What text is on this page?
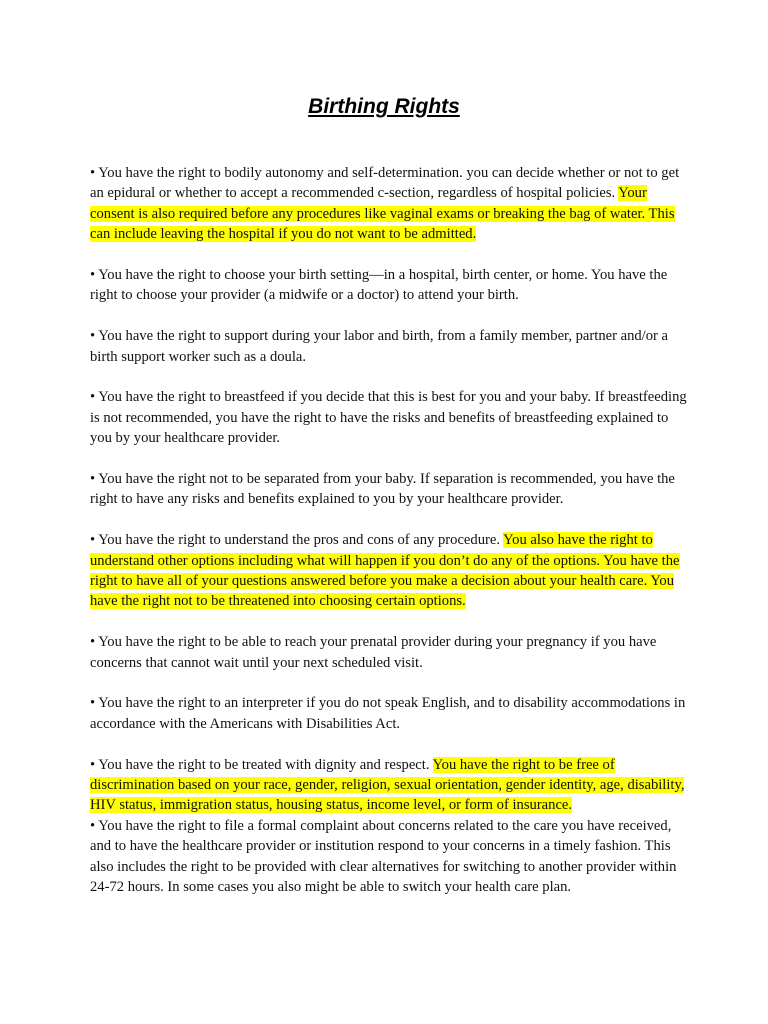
Birthing Rights

• You have the right to bodily autonomy and self-determination. you can decide whether or not to get an epidural or whether to accept a recommended c-section, regardless of hospital policies. Your consent is also required before any procedures like vaginal exams or breaking the bag of water. This can include leaving the hospital if you do not want to be admitted.

• You have the right to choose your birth setting—in a hospital, birth center, or home. You have the right to choose your provider (a midwife or a doctor) to attend your birth.

• You have the right to support during your labor and birth, from a family member, partner and/or a birth support worker such as a doula.

• You have the right to breastfeed if you decide that this is best for you and your baby. If breastfeeding is not recommended, you have the right to have the risks and benefits of breastfeeding explained to you by your healthcare provider.

• You have the right not to be separated from your baby. If separation is recommended, you have the right to have any risks and benefits explained to you by your healthcare provider.

• You have the right to understand the pros and cons of any procedure. You also have the right to understand other options including what will happen if you don’t do any of the options. You have the right to have all of your questions answered before you make a decision about your health care. You have the right not to be threatened into choosing certain options.

• You have the right to be able to reach your prenatal provider during your pregnancy if you have concerns that cannot wait until your next scheduled visit.

• You have the right to an interpreter if you do not speak English, and to disability accommodations in accordance with the Americans with Disabilities Act.

• You have the right to be treated with dignity and respect. You have the right to be free of discrimination based on your race, gender, religion, sexual orientation, gender identity, age, disability, HIV status, immigration status, housing status, income level, or form of insurance.

• You have the right to file a formal complaint about concerns related to the care you have received, and to have the healthcare provider or institution respond to your concerns in a timely fashion. This also includes the right to be provided with clear alternatives for switching to another provider within 24-72 hours. In some cases you also might be able to switch your health care plan.
